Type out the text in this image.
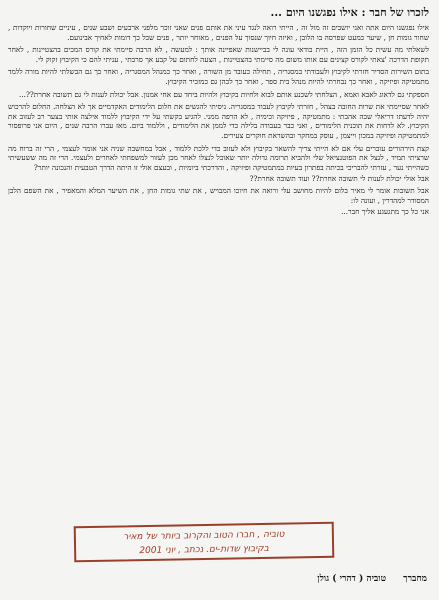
לזכרו של חבר : אילו נפגשנו היום ...

אילו נפגשנו היום אתה ואני יושבים זה מול זה , הייתי רואה לנגד עיני את אותם פנים שאני זוכר מלפני ארבעים ושבע שנים , עיניים שחורות ויוקדות , שחור גומות חן , שיער כמעט שפרסה בו הלובן , ואיזה חיוך שנסוך על הפנים , מאוחר יותר , פנים שכל כך דומות לאחיך אבינועם.

לשאלתי מה עשית כל הזמן הזה , היית בודאי עונה לי בביישנות שאפיינה אותך : למעשה , לא הרבה סיימתי את קורס המכים בהצטיינות , לאחר תקופת הדרכה 'צאתי לקורס קצינים עם אותו משום מה סיימתי בהצטיינות , הצעה לחתום על קבע אך סרבתי , עניתי להם כי הקיבוץ זקוק לי.

בתום השירות הסדיר חזרתי לקיבוץ ולעבודתי במסגריה , תחילה כעובד מן השורה , ואחר כך כמנהל המסגריה , ואחר כך גם הבשלתי להיות מורה ללמד מתמטיקה ופיזיקה , ואחר כך נבחרתי להיות מנהל בית ספר , ואחר כך לכהן גם כמזכיר הקיבוץ.

הספקתי גם לדאוג לאבא ואמא , הצלחתי לשכנע אותם לבוא ולחיות בקיבוץ ולהיות ביחד עם אחי אמנון. אבל יכולת לענות לי גם תשובה אחרת??...

לאחר שסיימתי את שרות החובה בצהל , חזרתי לקיבוץ לעבוד במסגריה. ניסיתי להגשים את חלום הלימודים האקדמיים אך לא הצלחה. החלום להרכוש יהיה לדעתו דריאלי שבה אהבתי : מתמטיקה , פיזיקה וכימיה , לא הרפה ממני. להגיע בקשתי על ידי הקיבוץ ללמוד אילצה אותי בצער רב לעזוב את הקיבוץ. לא לדחות את תוכנית הלימודים , ואני כבר בעבודה בלילה כדי לממן את הלימודים , וללמוד ביום. מאז עברו הרבה שנים , היום אני פרופסור למתמטיקה ופיזיקה במכון וייצמן , עוסק במחקר ובהשראת חוקרים צעירים.

קצת הירהורים עוברים עלי אם לא הייתי צריך להשאר בקיבוץ ולא לעזוב כדי ללכת ללמוד , אבל במחשבה שניה אני אומר לעצמי , הרי זה ברוח מה שרציתי תמיד , לנצל את הפוטנציאל שלי ולהביא תרומה גדולה יותר שאוכל לנצלו לאחר מכן לעזור למשפחתי לאחרים ולעצמי. הרי זה מה ששעשיתי כשהייתי נער , עזרתי להבריכי בכיתה בפתרון בעיות במתמטיקה ופיזיקה , והדרכתי ביומיות , ובעצם אולי זו היתה הדרך הטבעית והנכונה יותר?

אבל אולי יכולת לענות לי תשובה אחרת?? ועוד תשובה אחרת??

אבל תשובות אומר לי מאיר בלום להיות מחושב עלי ורואה את חיוכו המבויש , את שתי גומות החן , את השיער המלא והמאפיר , את השפם הלבן המסודר למהדרין , ועונה לו:

אני כל כך מתגעגע אליך חבר...

טוביה , חברו הטוב והקרוב ביותר של מאיר
בקיבוץ שדות-ים. נכתב , יוני 2001
מחברך טוביה ( דהרי ) גולן
